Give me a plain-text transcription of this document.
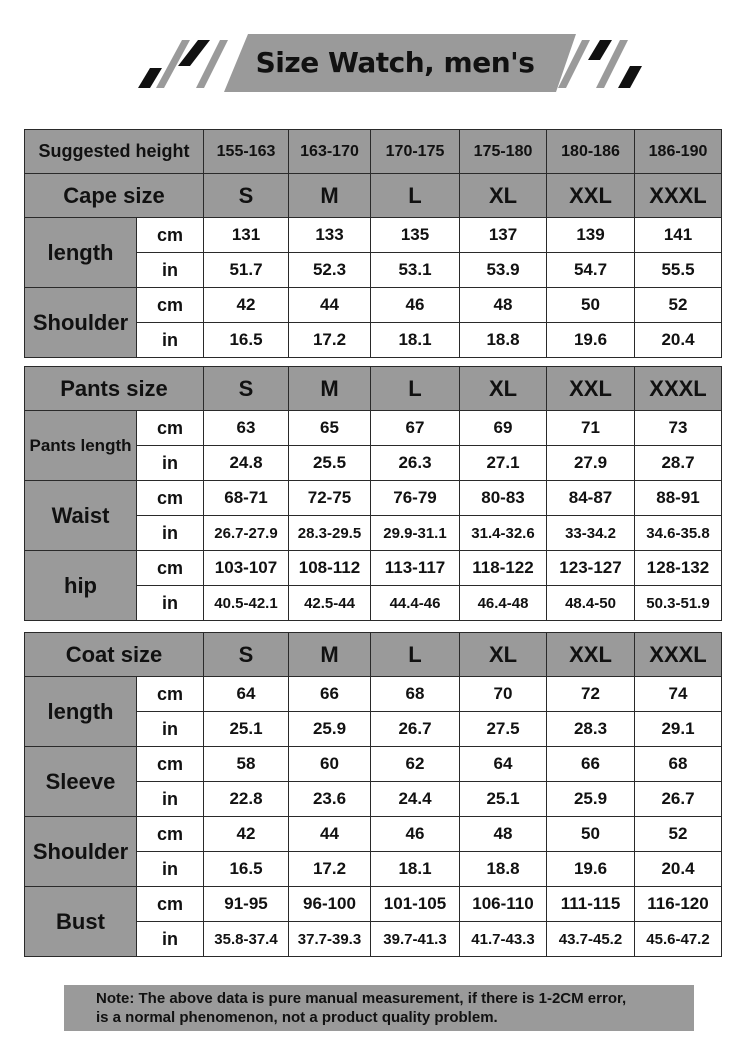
Size Watch, men's
Suggested height		155-163	163-170	170-175	175-180	180-186	186-190
Cape size		S	M	L	XL	XXL	XXXL
length	cm	131	133	135	137	139	141
	in	51.7	52.3	53.1	53.9	54.7	55.5
Shoulder	cm	42	44	46	48	50	52
	in	16.5	17.2	18.1	18.8	19.6	20.4
Pants size		S	M	L	XL	XXL	XXXL
Pants length	cm	63	65	67	69	71	73
	in	24.8	25.5	26.3	27.1	27.9	28.7
Waist	cm	68-71	72-75	76-79	80-83	84-87	88-91
	in	26.7-27.9	28.3-29.5	29.9-31.1	31.4-32.6	33-34.2	34.6-35.8
hip	cm	103-107	108-112	113-117	118-122	123-127	128-132
	in	40.5-42.1	42.5-44	44.4-46	46.4-48	48.4-50	50.3-51.9
Coat size		S	M	L	XL	XXL	XXXL
length	cm	64	66	68	70	72	74
	in	25.1	25.9	26.7	27.5	28.3	29.1
Sleeve	cm	58	60	62	64	66	68
	in	22.8	23.6	24.4	25.1	25.9	26.7
Shoulder	cm	42	44	46	48	50	52
	in	16.5	17.2	18.1	18.8	19.6	20.4
Bust	cm	91-95	96-100	101-105	106-110	111-115	116-120
	in	35.8-37.4	37.7-39.3	39.7-41.3	41.7-43.3	43.7-45.2	45.6-47.2
Note: The above data is pure manual measurement, if there is 1-2CM error,
is a normal phenomenon, not a product quality problem.
